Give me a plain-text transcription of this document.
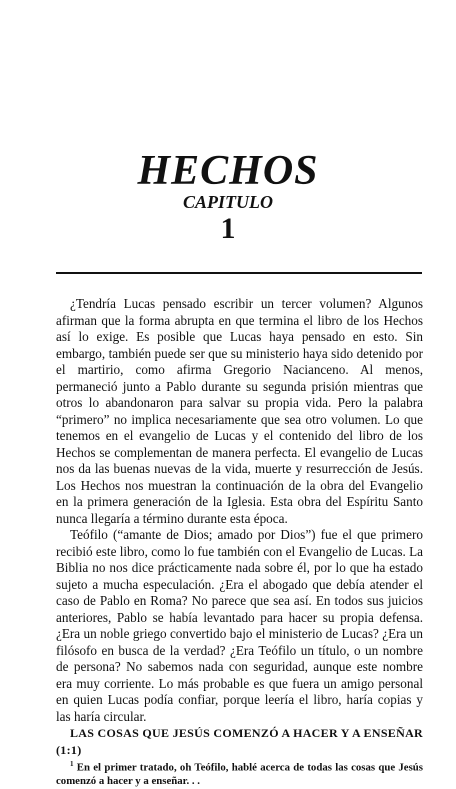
HECHOS
CAPITULO
1

¿Tendría Lucas pensado escribir un tercer volumen? Algunos afirman que la forma abrupta en que termina el libro de los Hechos así lo exige. Es posible que Lucas haya pensado en esto. Sin embargo, también puede ser que su ministerio haya sido detenido por el martirio, como afirma Gregorio Nacianceno. Al menos, permaneció junto a Pablo durante su segunda prisión mientras que otros lo abandonaron para salvar su propia vida. Pero la palabra “primero” no implica necesariamente que sea otro volumen. Lo que tenemos en el evangelio de Lucas y el contenido del libro de los Hechos se complementan de manera perfecta. El evangelio de Lucas nos da las buenas nuevas de la vida, muerte y resurrección de Jesús. Los Hechos nos muestran la continuación de la obra del Evangelio en la primera generación de la Iglesia. Esta obra del Espíritu Santo nunca llegaría a término durante esta época.

Teófilo (“amante de Dios; amado por Dios”) fue el que primero recibió este libro, como lo fue también con el Evangelio de Lucas. La Biblia no nos dice prácticamente nada sobre él, por lo que ha estado sujeto a mucha especulación. ¿Era el abogado que debía atender el caso de Pablo en Roma? No parece que sea así. En todos sus juicios anteriores, Pablo se había levantado para hacer su propia defensa. ¿Era un noble griego convertido bajo el ministerio de Lucas? ¿Era un filósofo en busca de la verdad? ¿Era Teófilo un título, o un nombre de persona? No sabemos nada con seguridad, aunque este nombre era muy corriente. Lo más probable es que fuera un amigo personal en quien Lucas podía confiar, porque leería el libro, haría copias y las haría circular.

LAS COSAS QUE JESÚS COMENZÓ A HACER Y A ENSEÑAR (1:1)

$^1$ En el primer tratado, oh Teófilo, hablé acerca de todas las cosas que Jesús comenzó a hacer y a enseñar. . .
